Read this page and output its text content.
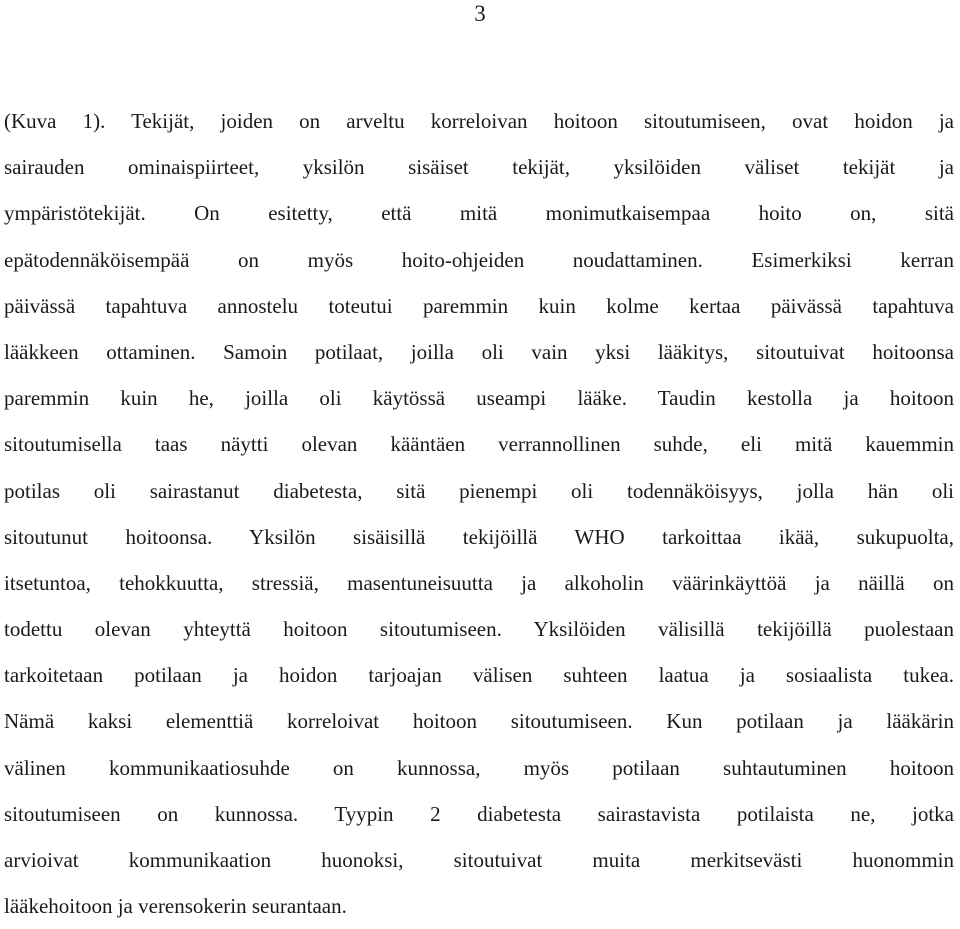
3
(Kuva 1). Tekijät, joiden on arveltu korreloivan hoitoon sitoutumiseen, ovat hoidon ja
sairauden ominaispiirteet, yksilön sisäiset tekijät, yksilöiden väliset tekijät ja
ympäristötekijät. On esitetty, että mitä monimutkaisempaa hoito on, sitä
epätodennäköisempää on myös hoito-ohjeiden noudattaminen. Esimerkiksi kerran
päivässä tapahtuva annostelu toteutui paremmin kuin kolme kertaa päivässä tapahtuva
lääkkeen ottaminen. Samoin potilaat, joilla oli vain yksi lääkitys, sitoutuivat hoitoonsa
paremmin kuin he, joilla oli käytössä useampi lääke. Taudin kestolla ja hoitoon
sitoutumisella taas näytti olevan kääntäen verrannollinen suhde, eli mitä kauemmin
potilas oli sairastanut diabetesta, sitä pienempi oli todennäköisyys, jolla hän oli
sitoutunut hoitoonsa. Yksilön sisäisillä tekijöillä WHO tarkoittaa ikää, sukupuolta,
itsetuntoa, tehokkuutta, stressiä, masentuneisuutta ja alkoholin väärinkäyttöä ja näillä on
todettu olevan yhteyttä hoitoon sitoutumiseen. Yksilöiden välisillä tekijöillä puolestaan
tarkoitetaan potilaan ja hoidon tarjoajan välisen suhteen laatua ja sosiaalista tukea.
Nämä kaksi elementtiä korreloivat hoitoon sitoutumiseen. Kun potilaan ja lääkärin
välinen kommunikaatiosuhde on kunnossa, myös potilaan suhtautuminen hoitoon
sitoutumiseen on kunnossa. Tyypin 2 diabetesta sairastavista potilaista ne, jotka
arvioivat kommunikaation huonoksi, sitoutuivat muita merkitsevästi huonommin
lääkehoitoon ja verensokerin seurantaan.
